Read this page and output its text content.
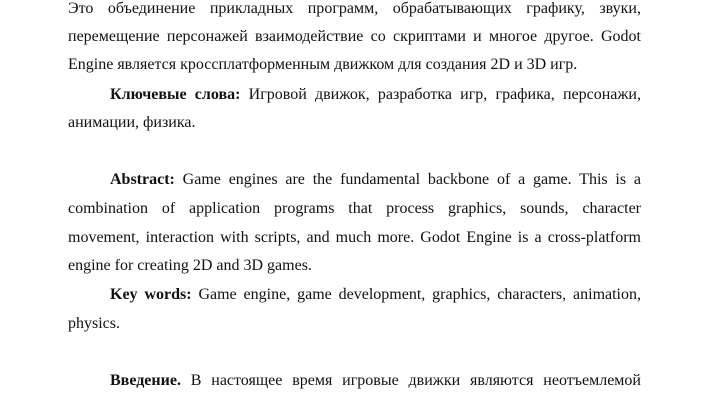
Это объединение прикладных программ, обрабатывающих графику, звуки,
перемещение персонажей взаимодействие со скриптами и многое другое. Godot
Engine является кроссплатформенным движком для создания 2D и 3D игр.
Ключевые слова: Игровой движок, разработка игр, графика, персонажи,
анимации, физика.
Abstract: Game engines are the fundamental backbone of a game. This is a
combination of application programs that process graphics, sounds, character
movement, interaction with scripts, and much more. Godot Engine is a cross-platform
engine for creating 2D and 3D games.
Key words: Game engine, game development, graphics, characters, animation,
physics.
Введение. В настоящее время игровые движки являются неотъемлемой
